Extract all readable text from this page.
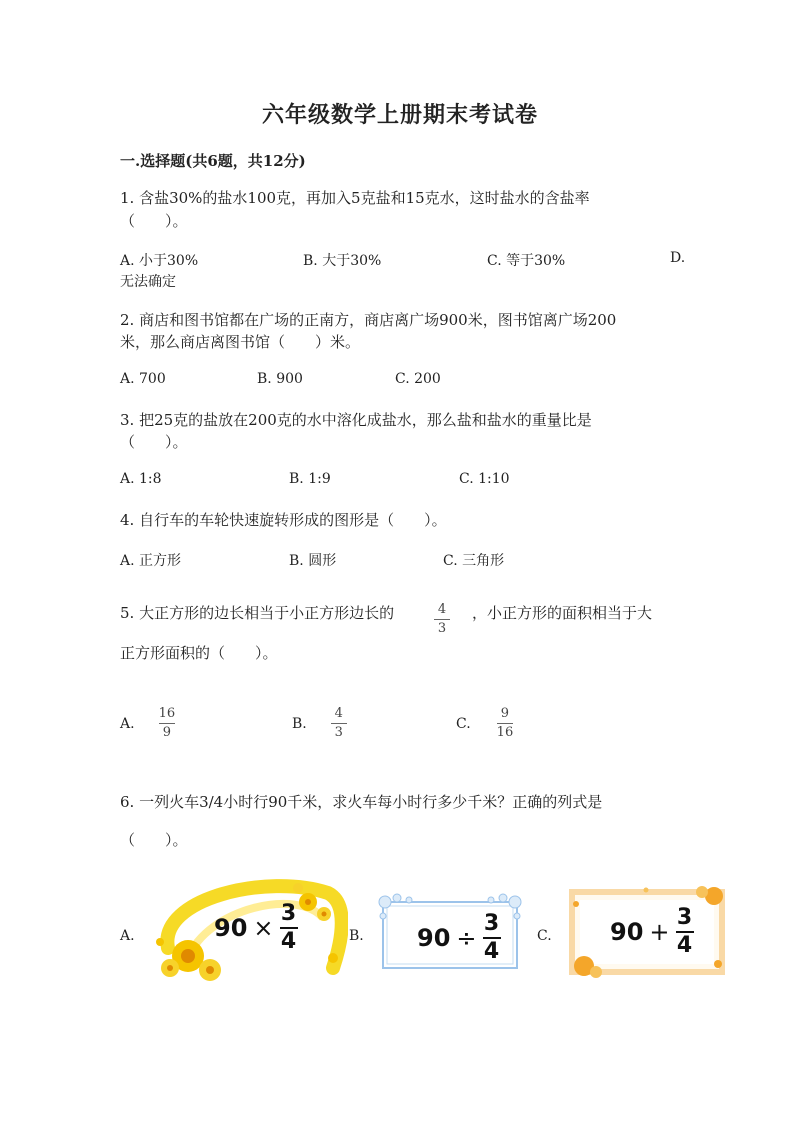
六年级数学上册期末考试卷
一.选择题(共6题，共12分)
1. 含盐30%的盐水100克，再加入5克盐和15克水，这时盐水的含盐率
（　　）。
A. 小于30%	B. 大于30%	C. 等于30%	D.
无法确定
2. 商店和图书馆都在广场的正南方，商店离广场900米，图书馆离广场200
米，那么商店离图书馆（　　）米。
A. 700	B. 900	C. 200
3. 把25克的盐放在200克的水中溶化成盐水，那么盐和盐水的重量比是
（　　）。
A. 1:8	B. 1:9	C. 1:10
4. 自行车的车轮快速旋转形成的图形是（　　）。
A. 正方形	B. 圆形	C. 三角形
5. 大正方形的边长相当于小正方形边长的	$\frac{4}{3}$ ，小正方形的面积相当于大
正方形面积的（　　）。
A. $\frac{16}{9}$	B. $\frac{4}{3}$	C. $\frac{9}{16}$
6. 一列火车3/4小时行90千米，求火车每小时行多少千米？正确的列式是
（　　）。
A.	90 ×
3
4	B. 90 ÷
3
4
C. 90 +
3
4
